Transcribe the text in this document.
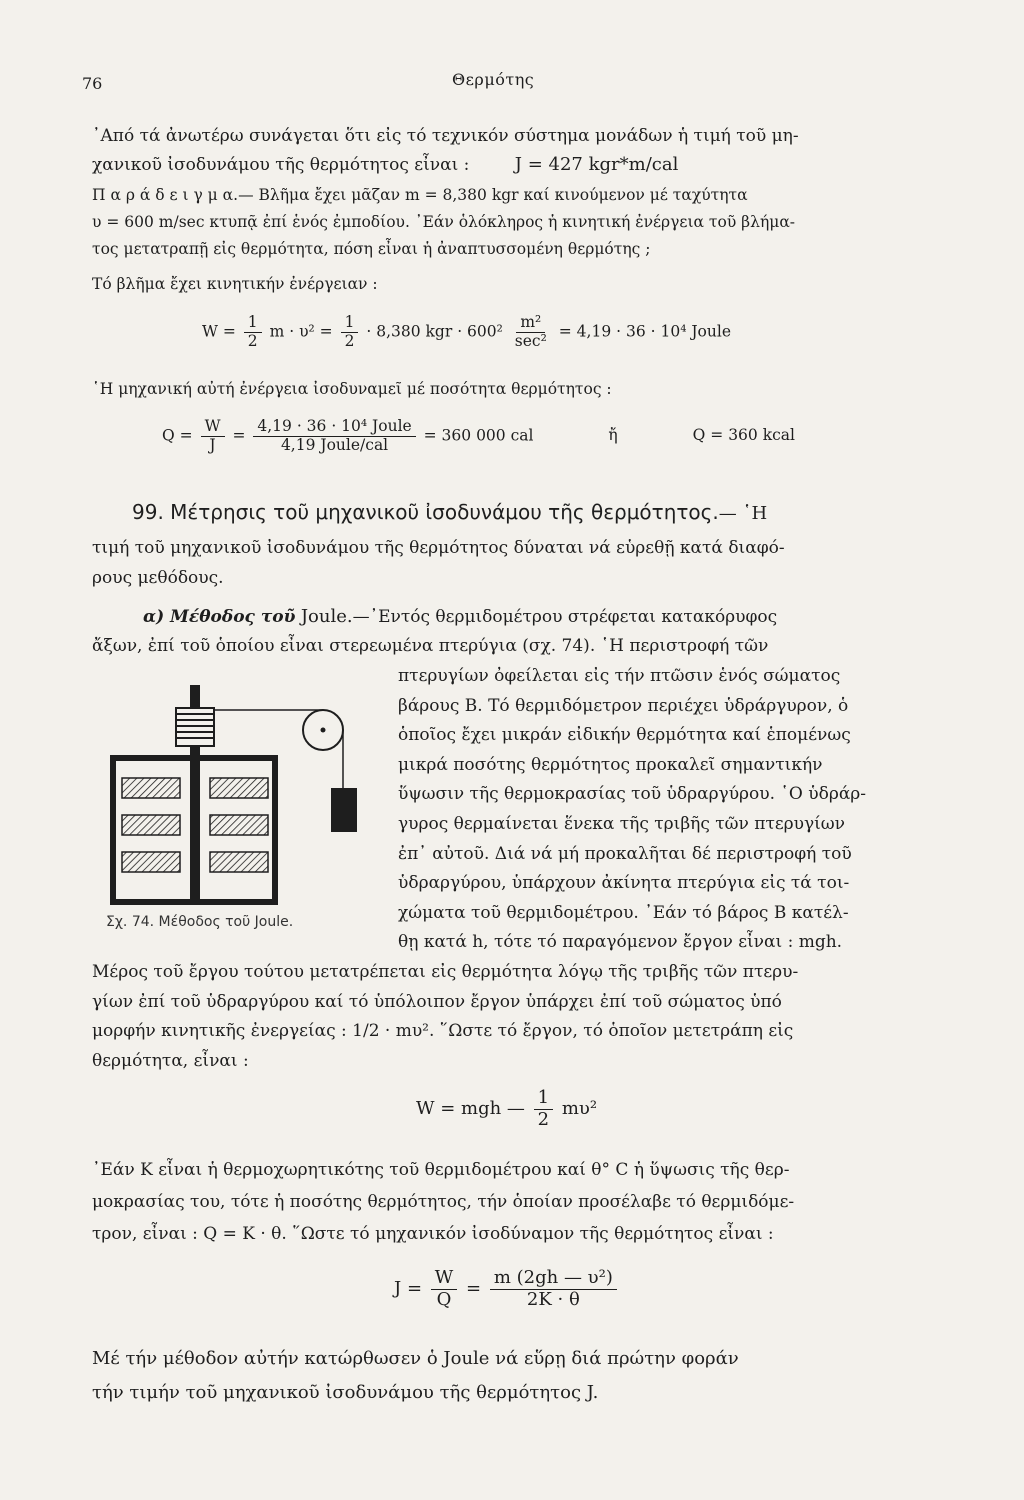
76	Θερμότης
᾿Από τά ἀνωτέρω συνάγεται ὅτι εἰς τό τεχνικόν σύστημα μονάδων ἡ τιμή τοῦ μη-
χανικοῦ ἰσοδυνάμου τῆς θερμότητος εἶναι :	J = 427 kgr*m/cal
Π α ρ ά δ ε ι γ μ α.— Βλῆμα ἔχει μᾶζαν m = 8,380 kgr καί κινούμενον μέ ταχύτητα
υ = 600 m/sec κτυπᾷ ἐπί ἑνός ἐμποδίου. ᾿Εάν ὁλόκληρος ἡ κινητική ἐνέργεια τοῦ βλήμα-
τος μετατραπῇ εἰς θερμότητα, πόση εἶναι ἡ ἀναπτυσσομένη θερμότης ;
Τό βλῆμα ἔχει κινητικήν ἐνέργειαν :
$W = \frac{1}{2}$ $m \cdot \upsilon^2 = \frac{1}{2} \cdot 8,380$ kgr · $600^2 \frac{\text{m²}}{\text{sec²}} = 4,19 \cdot 36 \cdot 10^4$ Joule
῾Η μηχανική αὐτή ἐνέργεια ἰσοδυναμεῖ μέ ποσότητα θερμότητος :
$Q = \frac{W}{J} = \frac{\text{4,19 · 36 · 10⁴ Joule}}{\text{4,19 Joule/cal}} = 360$ 000 cal	ἤ	Q = 360 kcal
99. Μέτρησις τοῦ μηχανικοῦ ἰσοδυνάμου τῆς θερμότητος.— ῾Η
τιμή τοῦ μηχανικοῦ ἰσοδυνάμου τῆς θερμότητος δύναται νά εὑρεθῇ κατά διαφό-
ρους μεθόδους.
α) Μέθοδος τοῦ Joule.—᾿Εντός θερμιδομέτρου στρέφεται κατακόρυφος
ἄξων, ἐπί τοῦ ὁποίου εἶναι στερεωμένα πτερύγια (σχ. 74). ῾Η περιστροφή τῶν
πτερυγίων ὀφείλεται εἰς τήν πτῶσιν ἑνός σώματος
βάρους Β. Τό θερμιδόμετρον περιέχει ὑδράργυρον, ὁ
ὁποῖος ἔχει μικράν εἰδικήν θερμότητα καί ἑπομένως
μικρά ποσότης θερμότητος προκαλεῖ σημαντικήν
ὕψωσιν τῆς θερμοκρασίας τοῦ ὑδραργύρου. ῾Ο ὑδράρ-
γυρος θερμαίνεται ἕνεκα τῆς τριβῆς τῶν πτερυγίων
ἐπ᾿ αὐτοῦ. Διά νά μή προκαλῆται δέ περιστροφή τοῦ
ὑδραργύρου, ὑπάρχουν ἀκίνητα πτερύγια εἰς τά τοι-
χώματα τοῦ θερμιδομέτρου. ᾿Εάν τό βάρος Β κατέλ-
θῃ κατά h, τότε τό παραγόμενον ἔργον εἶναι : mgh.
Σχ. 74. Μέθοδος τοῦ Joule.
Μέρος τοῦ ἔργου τούτου μετατρέπεται εἰς θερμότητα λόγῳ τῆς τριβῆς τῶν πτερυ-
γίων ἐπί τοῦ ὑδραργύρου καί τό ὑπόλοιπον ἔργον ὑπάρχει ἐπί τοῦ σώματος ὑπό
μορφήν κινητικῆς ἐνεργείας : 1/2 · mυ². ῞Ωστε τό ἔργον, τό ὁποῖον μετετράπη εἰς
θερμότητα, εἶναι :
W = mgh — $\frac{1}{2} m\upsilon^2$
᾿Εάν K εἶναι ἡ θερμοχωρητικότης τοῦ θερμιδομέτρου καί θ° C ἡ ὕψωσις τῆς θερ-
μοκρασίας του, τότε ἡ ποσότης θερμότητος, τήν ὁποίαν προσέλαβε τό θερμιδόμε-
τρον, εἶναι : Q = K · θ. ῞Ωστε τό μηχανικόν ἰσοδύναμον τῆς θερμότητος εἶναι :
$J = \frac{W}{Q} = \frac{\text{m (2gh — υ²)}}{2K \cdot \theta}$
Μέ τήν μέθοδον αὐτήν κατώρθωσεν ὁ Joule νά εὕρῃ διά πρώτην φοράν
τήν τιμήν τοῦ μηχανικοῦ ἰσοδυνάμου τῆς θερμότητος J.
